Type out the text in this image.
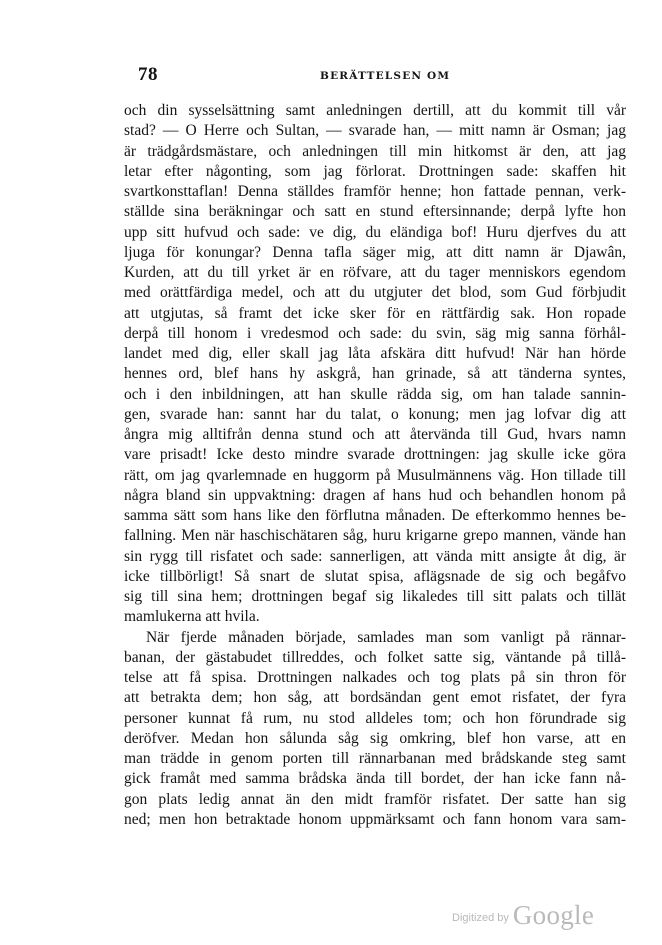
78	BERÄTTELSEN OM
och din sysselsättning samt anledningen dertill, att du kommit till vår
stad? — O Herre och Sultan, — svarade han, — mitt namn är Osman; jag
är trädgårdsmästare, och anledningen till min hitkomst är den, att jag
letar efter någonting, som jag förlorat. Drottningen sade: skaffen hit
svartkonsttaflan! Denna ställdes framför henne; hon fattade pennan, verk-
ställde sina beräkningar och satt en stund eftersinnande; derpå lyfte hon
upp sitt hufvud och sade: ve dig, du eländiga bof! Huru djerfves du att
ljuga för konungar? Denna tafla säger mig, att ditt namn är Djawân,
Kurden, att du till yrket är en röfvare, att du tager menniskors egendom
med orättfärdiga medel, och att du utgjuter det blod, som Gud förbjudit
att utgjutas, så framt det icke sker för en rättfärdig sak. Hon ropade
derpå till honom i vredesmod och sade: du svin, säg mig sanna förhål-
landet med dig, eller skall jag låta afskära ditt hufvud! När han hörde
hennes ord, blef hans hy askgrå, han grinade, så att tänderna syntes,
och i den inbildningen, att han skulle rädda sig, om han talade sannin-
gen, svarade han: sannt har du talat, o konung; men jag lofvar dig att
ångra mig alltifrån denna stund och att återvända till Gud, hvars namn
vare prisadt! Icke desto mindre svarade drottningen: jag skulle icke göra
rätt, om jag qvarlemnade en huggorm på Musulmännens väg. Hon tillade till
några bland sin uppvaktning: dragen af hans hud och behandlen honom på
samma sätt som hans like den förflutna månaden. De efterkommo hennes be-
fallning. Men när haschischätaren såg, huru krigarne grepo mannen, vände han
sin rygg till risfatet och sade: sannerligen, att vända mitt ansigte åt dig, är
icke tillbörligt! Så snart de slutat spisa, aflägsnade de sig och begåfvo
sig till sina hem; drottningen begaf sig likaledes till sitt palats och tillät
mamlukerna att hvila.
När fjerde månaden började, samlades man som vanligt på rännar-
banan, der gästabudet tillreddes, och folket satte sig, väntande på tillå-
telse att få spisa. Drottningen nalkades och tog plats på sin thron för
att betrakta dem; hon såg, att bordsändan gent emot risfatet, der fyra
personer kunnat få rum, nu stod alldeles tom; och hon förundrade sig
deröfver. Medan hon sålunda såg sig omkring, blef hon varse, att en
man trädde in genom porten till rännarbanan med brådskande steg samt
gick framåt med samma brådska ända till bordet, der han icke fann nå-
gon plats ledig annat än den midt framför risfatet. Der satte han sig
ned; men hon betraktade honom uppmärksamt och fann honom vara sam-
Digitized by Google
